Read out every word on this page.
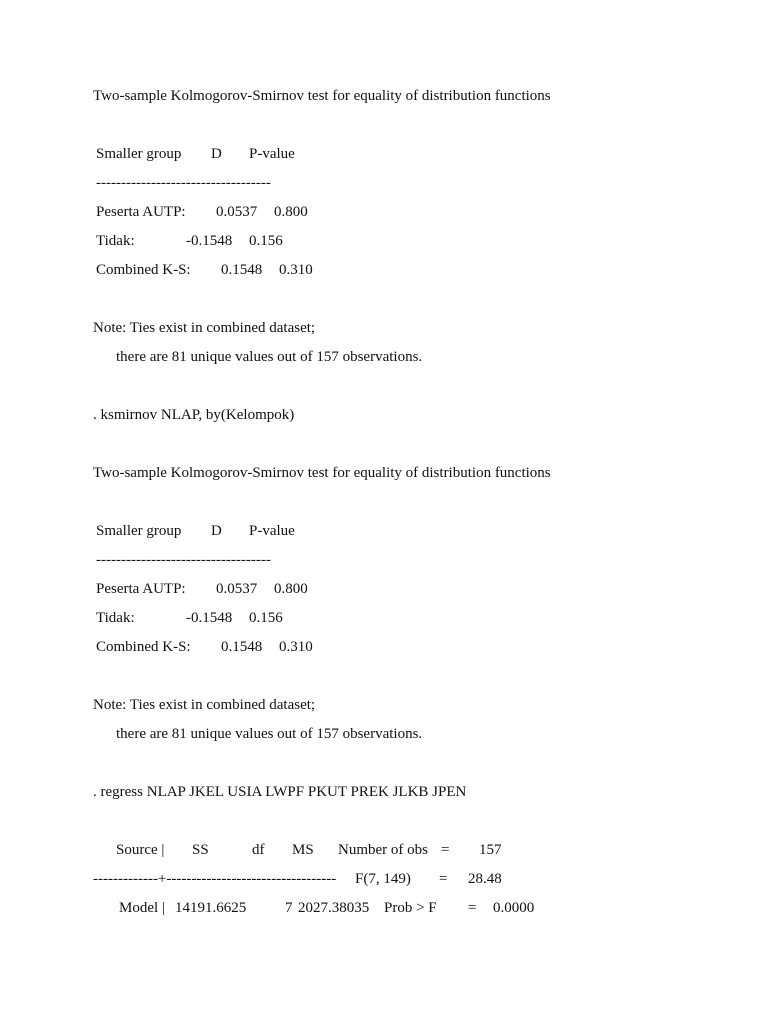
Two-sample Kolmogorov-Smirnov test for equality of distribution functions
Smaller group D P-value
-----------------------------------
Peserta AUTP: 0.0537 0.800
Tidak:	-0.1548 0.156
Combined K-S: 0.1548 0.310
Note: Ties exist in combined dataset;
there are 81 unique values out of 157 observations.
. ksmirnov NLAP, by(Kelompok)
Two-sample Kolmogorov-Smirnov test for equality of distribution functions
Smaller group D P-value
-----------------------------------
Peserta AUTP: 0.0537 0.800
Tidak:	-0.1548 0.156
Combined K-S: 0.1548 0.310
Note: Ties exist in combined dataset;
there are 81 unique values out of 157 observations.
. regress NLAP JKEL USIA LWPF PKUT PREK JLKB JPEN
Source | SS	df MS Number of obs = 157
-------------+---------------------------------- F(7, 149) = 28.48
Model | 14191.6625	7 2027.38035 Prob > F = 0.0000
